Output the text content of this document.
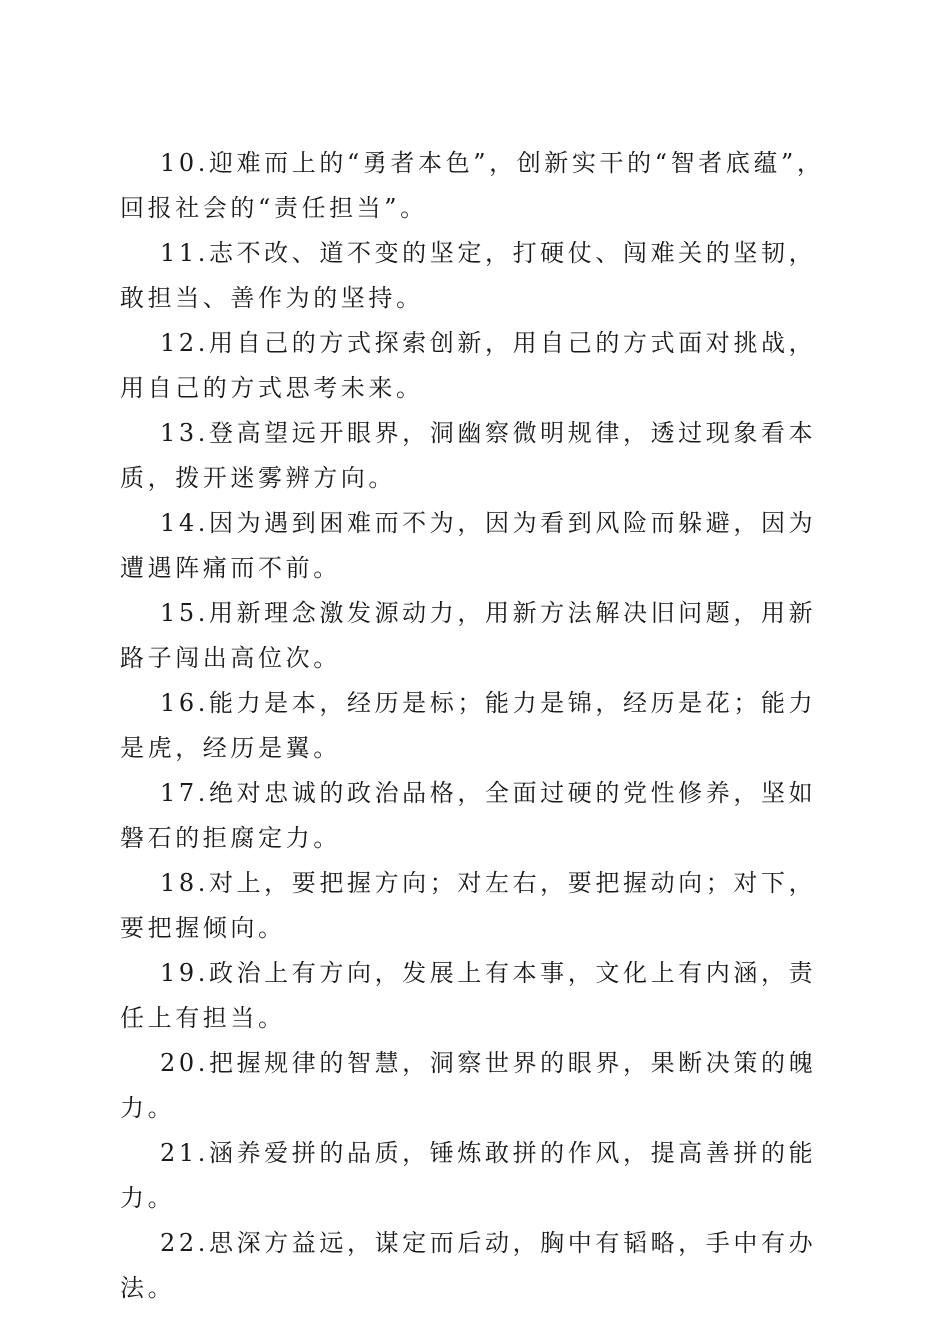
10.迎难而上的“勇者本色”，创新实干的“智者底蕴”，回报社会的“责任担当”。

11.志不改、道不变的坚定，打硬仗、闯难关的坚韧，敢担当、善作为的坚持。

12.用自己的方式探索创新，用自己的方式面对挑战，用自己的方式思考未来。

13.登高望远开眼界，洞幽察微明规律，透过现象看本质，拨开迷雾辨方向。

14.因为遇到困难而不为，因为看到风险而躲避，因为遭遇阵痛而不前。

15.用新理念激发源动力，用新方法解决旧问题，用新路子闯出高位次。

16.能力是本，经历是标；能力是锦，经历是花；能力是虎，经历是翼。

17.绝对忠诚的政治品格，全面过硬的党性修养，坚如磐石的拒腐定力。

18.对上，要把握方向；对左右，要把握动向；对下，要把握倾向。

19.政治上有方向，发展上有本事，文化上有内涵，责任上有担当。

20.把握规律的智慧，洞察世界的眼界，果断决策的魄力。

21.涵养爱拼的品质，锤炼敢拼的作风，提高善拼的能力。

22.思深方益远，谋定而后动，胸中有韬略，手中有办法。
